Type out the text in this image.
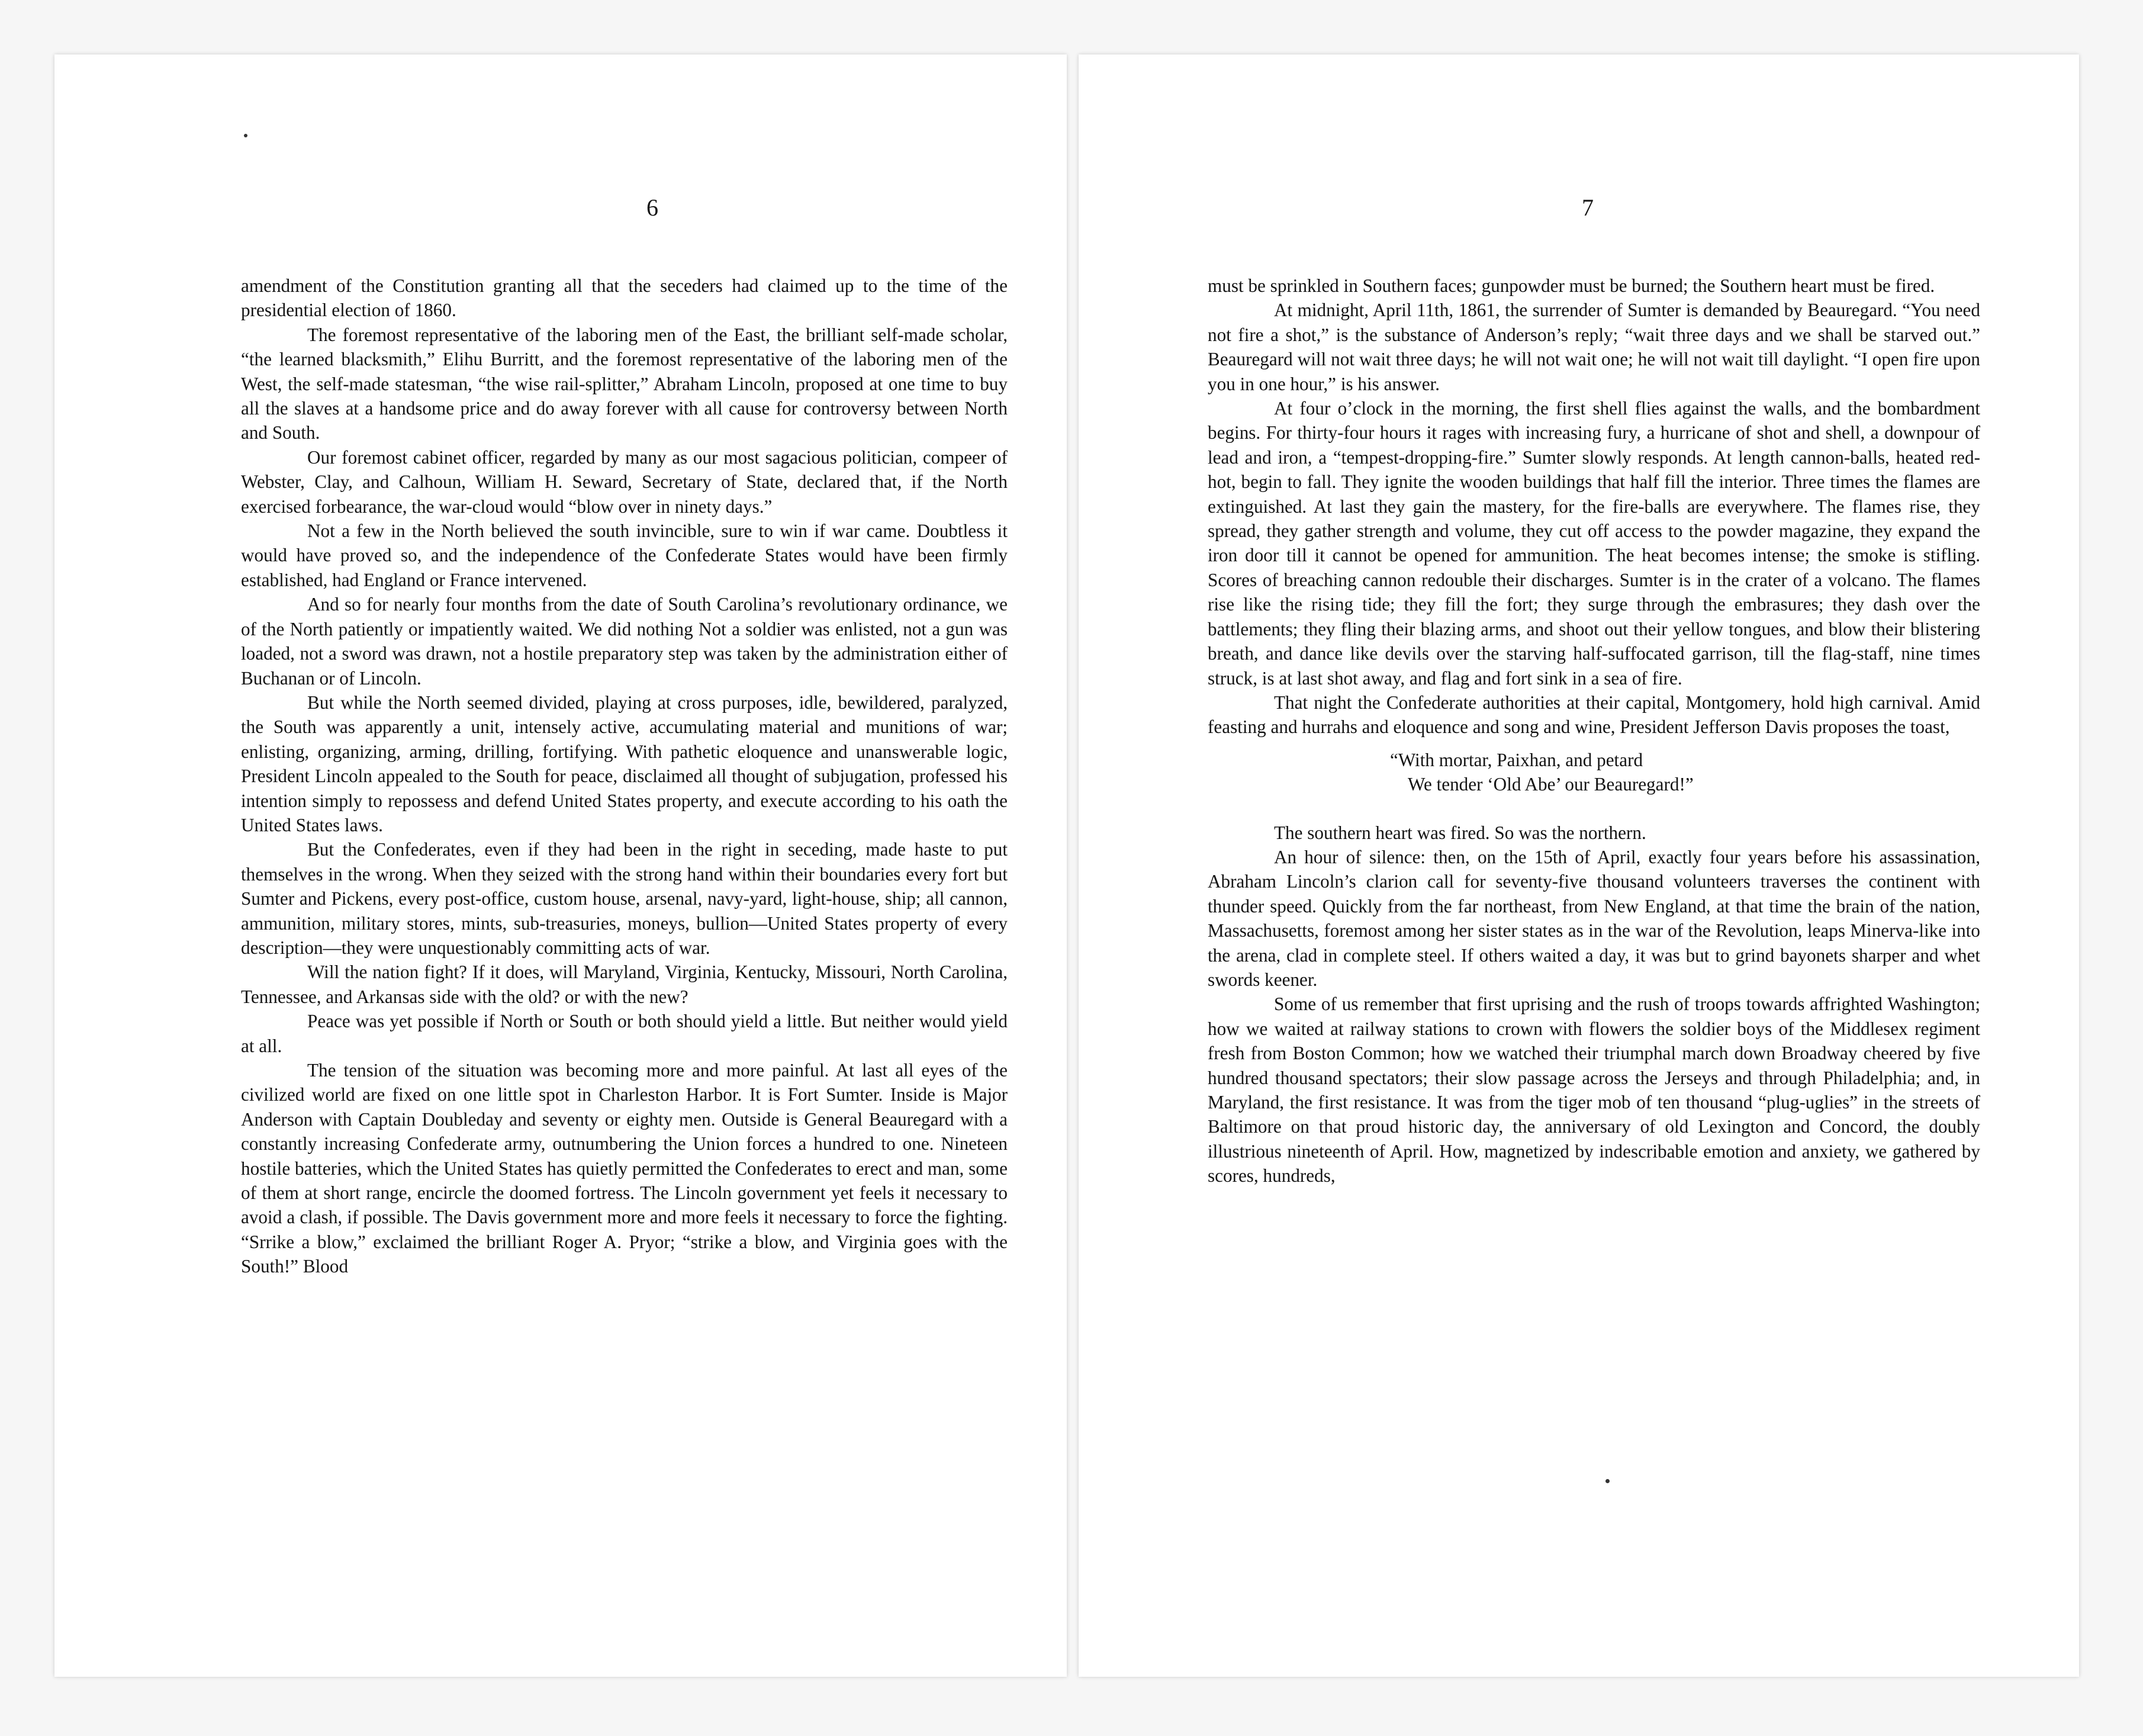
6

amendment of the Constitution granting all that the seceders had claimed up to the time of the presidential election of 1860.

The foremost representative of the laboring men of the East, the brilliant self-made scholar, “the learned blacksmith,” Elihu Burritt, and the foremost representative of the laboring men of the West, the self-made statesman, “the wise rail-splitter,” Abraham Lincoln, proposed at one time to buy all the slaves at a handsome price and do away forever with all cause for controversy between North and South.

Our foremost cabinet officer, regarded by many as our most sagacious politician, compeer of Webster, Clay, and Calhoun, William H. Seward, Secretary of State, declared that, if the North exercised forbearance, the war-cloud would “blow over in ninety days.”

Not a few in the North believed the south invincible, sure to win if war came. Doubtless it would have proved so, and the independence of the Confederate States would have been firmly established, had England or France intervened.

And so for nearly four months from the date of South Carolina’s revolutionary ordinance, we of the North patiently or impatiently waited. We did nothing Not a soldier was enlisted, not a gun was loaded, not a sword was drawn, not a hostile preparatory step was taken by the administration either of Buchanan or of Lincoln.

But while the North seemed divided, playing at cross purposes, idle, bewildered, paralyzed, the South was apparently a unit, intensely active, accumulating material and munitions of war; enlisting, organizing, arming, drilling, fortifying. With pathetic eloquence and unanswerable logic, President Lincoln appealed to the South for peace, disclaimed all thought of subjugation, professed his intention simply to repossess and defend United States property, and execute according to his oath the United States laws.

But the Confederates, even if they had been in the right in seceding, made haste to put themselves in the wrong. When they seized with the strong hand within their boundaries every fort but Sumter and Pickens, every post-office, custom house, arsenal, navy-yard, light-house, ship; all cannon, ammunition, military stores, mints, sub-treasuries, moneys, bullion—United States property of every description—they were unquestionably committing acts of war.

Will the nation fight? If it does, will Maryland, Virginia, Kentucky, Missouri, North Carolina, Tennessee, and Arkansas side with the old? or with the new?

Peace was yet possible if North or South or both should yield a little. But neither would yield at all.

The tension of the situation was becoming more and more painful. At last all eyes of the civilized world are fixed on one little spot in Charleston Harbor. It is Fort Sumter. Inside is Major Anderson with Captain Doubleday and seventy or eighty men. Outside is General Beauregard with a constantly increasing Confederate army, outnumbering the Union forces a hundred to one. Nineteen hostile batteries, which the United States has quietly permitted the Confederates to erect and man, some of them at short range, encircle the doomed fortress. The Lincoln government yet feels it necessary to avoid a clash, if possible. The Davis government more and more feels it necessary to force the fighting. “Srrike a blow,” exclaimed the brilliant Roger A. Pryor; “strike a blow, and Virginia goes with the South!” Blood

7

must be sprinkled in Southern faces; gunpowder must be burned; the Southern heart must be fired.

At midnight, April 11th, 1861, the surrender of Sumter is demanded by Beauregard. “You need not fire a shot,” is the substance of Anderson’s reply; “wait three days and we shall be starved out.” Beauregard will not wait three days; he will not wait one; he will not wait till daylight. “I open fire upon you in one hour,” is his answer.

At four o’clock in the morning, the first shell flies against the walls, and the bombardment begins. For thirty-four hours it rages with increasing fury, a hurricane of shot and shell, a downpour of lead and iron, a “tempest-dropping-fire.” Sumter slowly responds. At length cannon-balls, heated red-hot, begin to fall. They ignite the wooden buildings that half fill the interior. Three times the flames are extinguished. At last they gain the mastery, for the fire-balls are everywhere. The flames rise, they spread, they gather strength and volume, they cut off access to the powder magazine, they expand the iron door till it cannot be opened for ammunition. The heat becomes intense; the smoke is stifling. Scores of breaching cannon redouble their discharges. Sumter is in the crater of a volcano. The flames rise like the rising tide; they fill the fort; they surge through the embrasures; they dash over the battlements; they fling their blazing arms, and shoot out their yellow tongues, and blow their blistering breath, and dance like devils over the starving half-suffocated garrison, till the flag-staff, nine times struck, is at last shot away, and flag and fort sink in a sea of fire.

That night the Confederate authorities at their capital, Montgomery, hold high carnival. Amid feasting and hurrahs and eloquence and song and wine, President Jefferson Davis proposes the toast,

“With mortar, Paixhan, and petard
We tender ‘Old Abe’ our Beauregard!”

The southern heart was fired. So was the northern.

An hour of silence: then, on the 15th of April, exactly four years before his assassination, Abraham Lincoln’s clarion call for seventy-five thousand volunteers traverses the continent with thunder speed. Quickly from the far northeast, from New England, at that time the brain of the nation, Massachusetts, foremost among her sister states as in the war of the Revolution, leaps Minerva-like into the arena, clad in complete steel. If others waited a day, it was but to grind bayonets sharper and whet swords keener.

Some of us remember that first uprising and the rush of troops towards affrighted Washington; how we waited at railway stations to crown with flowers the soldier boys of the Middlesex regiment fresh from Boston Common; how we watched their triumphal march down Broadway cheered by five hundred thousand spectators; their slow passage across the Jerseys and through Philadelphia; and, in Maryland, the first resistance. It was from the tiger mob of ten thousand “plug-uglies” in the streets of Baltimore on that proud historic day, the anniversary of old Lexington and Concord, the doubly illustrious nineteenth of April. How, magnetized by indescribable emotion and anxiety, we gathered by scores, hundreds,
